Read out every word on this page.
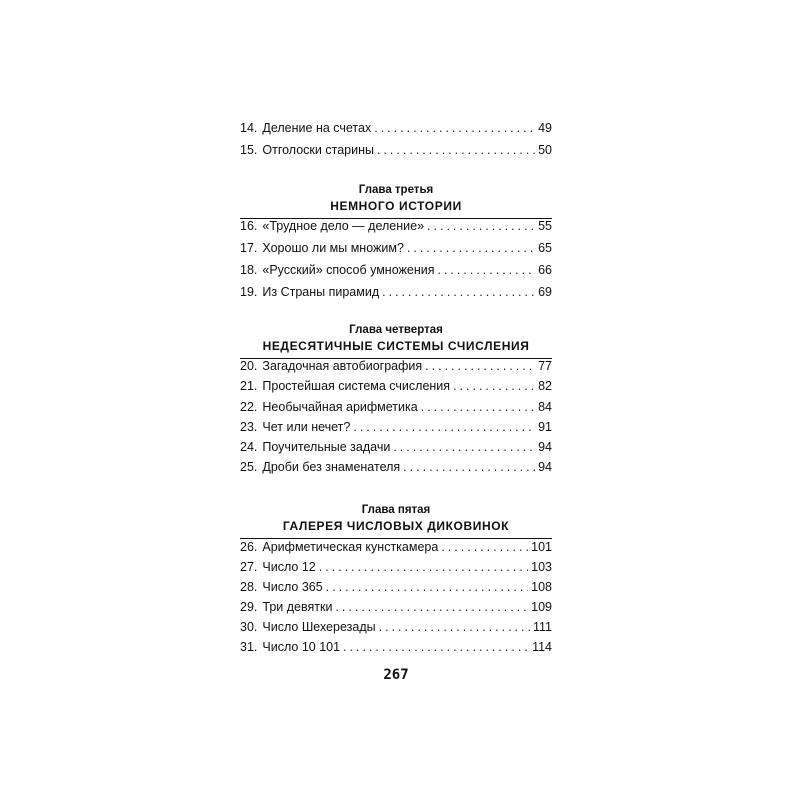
14. Деление на счетах .....	49
15. Отголоски старины .....	50
Глава третья
НЕМНОГО ИСТОРИИ
16. «Трудное дело — деление» .....	55
17. Хорошо ли мы множим? .....	65
18. «Русский» способ умножения .....	66
19. Из Страны пирамид .....	69
Глава четвертая
НЕДЕСЯТИЧНЫЕ СИСТЕМЫ СЧИСЛЕНИЯ
20. Загадочная автобиография .....	77
21. Простейшая система счисления .....	82
22. Необычайная арифметика .....	84
23. Чет или нечет? .....	91
24. Поучительные задачи .....	94
25. Дроби без знаменателя .....	94
Глава пятая
ГАЛЕРЕЯ ЧИСЛОВЫХ ДИКОВИНОК
26. Арифметическая кунсткамера .....	101
27. Число 12 .....	103
28. Число 365 .....	108
29. Три девятки .....	109
30. Число Шехерезады .....	111
31. Число 10 101 .....	114
267
